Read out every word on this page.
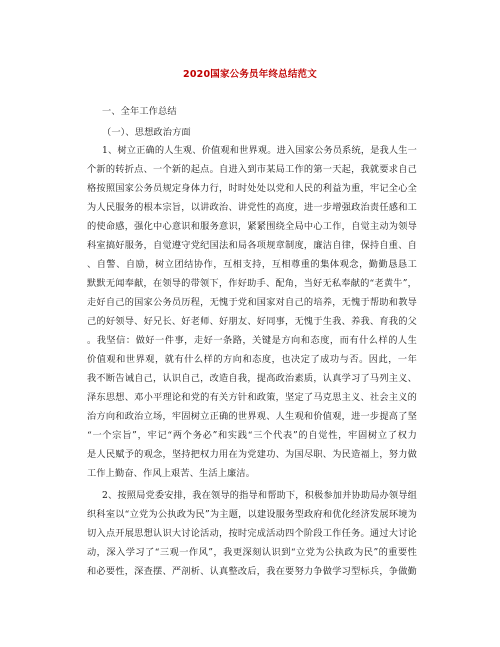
2020国家公务员年终总结范文
一、全年工作总结
（一）、思想政治方面
1、树立正确的人生观、价值观和世界观。进入国家公务员系统，是我人生一
个新的转折点、一个新的起点。自进入到市某局工作的第一天起，我就要求自己
格按照国家公务员规定身体力行，时时处处以党和人民的利益为重，牢记全心全
为人民服务的根本宗旨，以讲政治、讲党性的高度，进一步增强政治责任感和工
的使命感，强化中心意识和服务意识，紧紧围绕全局中心工作，自觉主动为领导
科室搞好服务，自觉遵守党纪国法和局各项规章制度，廉洁自律，保持自重、自
、自警、自励，树立团结协作，互相支持，互相尊重的集体观念，勤勤恳恳工
默默无闻奉献，在领导的带领下，作好助手、配角，当好无私奉献的“老黄牛”，
走好自己的国家公务员历程，无愧于党和国家对自己的培养，无愧于帮助和教导
己的好领导、好兄长、好老师、好朋友、好同事，无愧于生我、养我、育我的父
。我坚信：做好一件事，走好一条路，关键是方向和态度，而有什么样的人生
价值观和世界观，就有什么样的方向和态度，也决定了成功与否。因此，一年
我不断告诫自己，认识自己，改造自我，提高政治素质，认真学习了马列主义、
泽东思想、邓小平理论和党的有关方针和政策，坚定了马克思主义、社会主义的
治方向和政治立场，牢固树立正确的世界观、人生观和价值观，进一步提高了坚
“一个宗旨”，牢记“两个务必”和实践“三个代表”的自觉性，牢固树立了权力
是人民赋予的观念，坚持把权力用在为党建功、为国尽职、为民造福上，努力做
工作上勤奋、作风上艰苦、生活上廉洁。
2、按照局党委安排，我在领导的指导和帮助下，积极参加并协助局办领导组
织科室以“立党为公执政为民”为主题，以建设服务型政府和优化经济发展环境为
切入点开展思想认识大讨论活动，按时完成活动四个阶段工作任务。通过大讨论
动，深入学习了“三观一作风”，我更深刻认识到“立党为公执政为民”的重要性
和必要性，深查摆、严剖析、认真整改后，我在要努力争做学习型标兵，争做勤
